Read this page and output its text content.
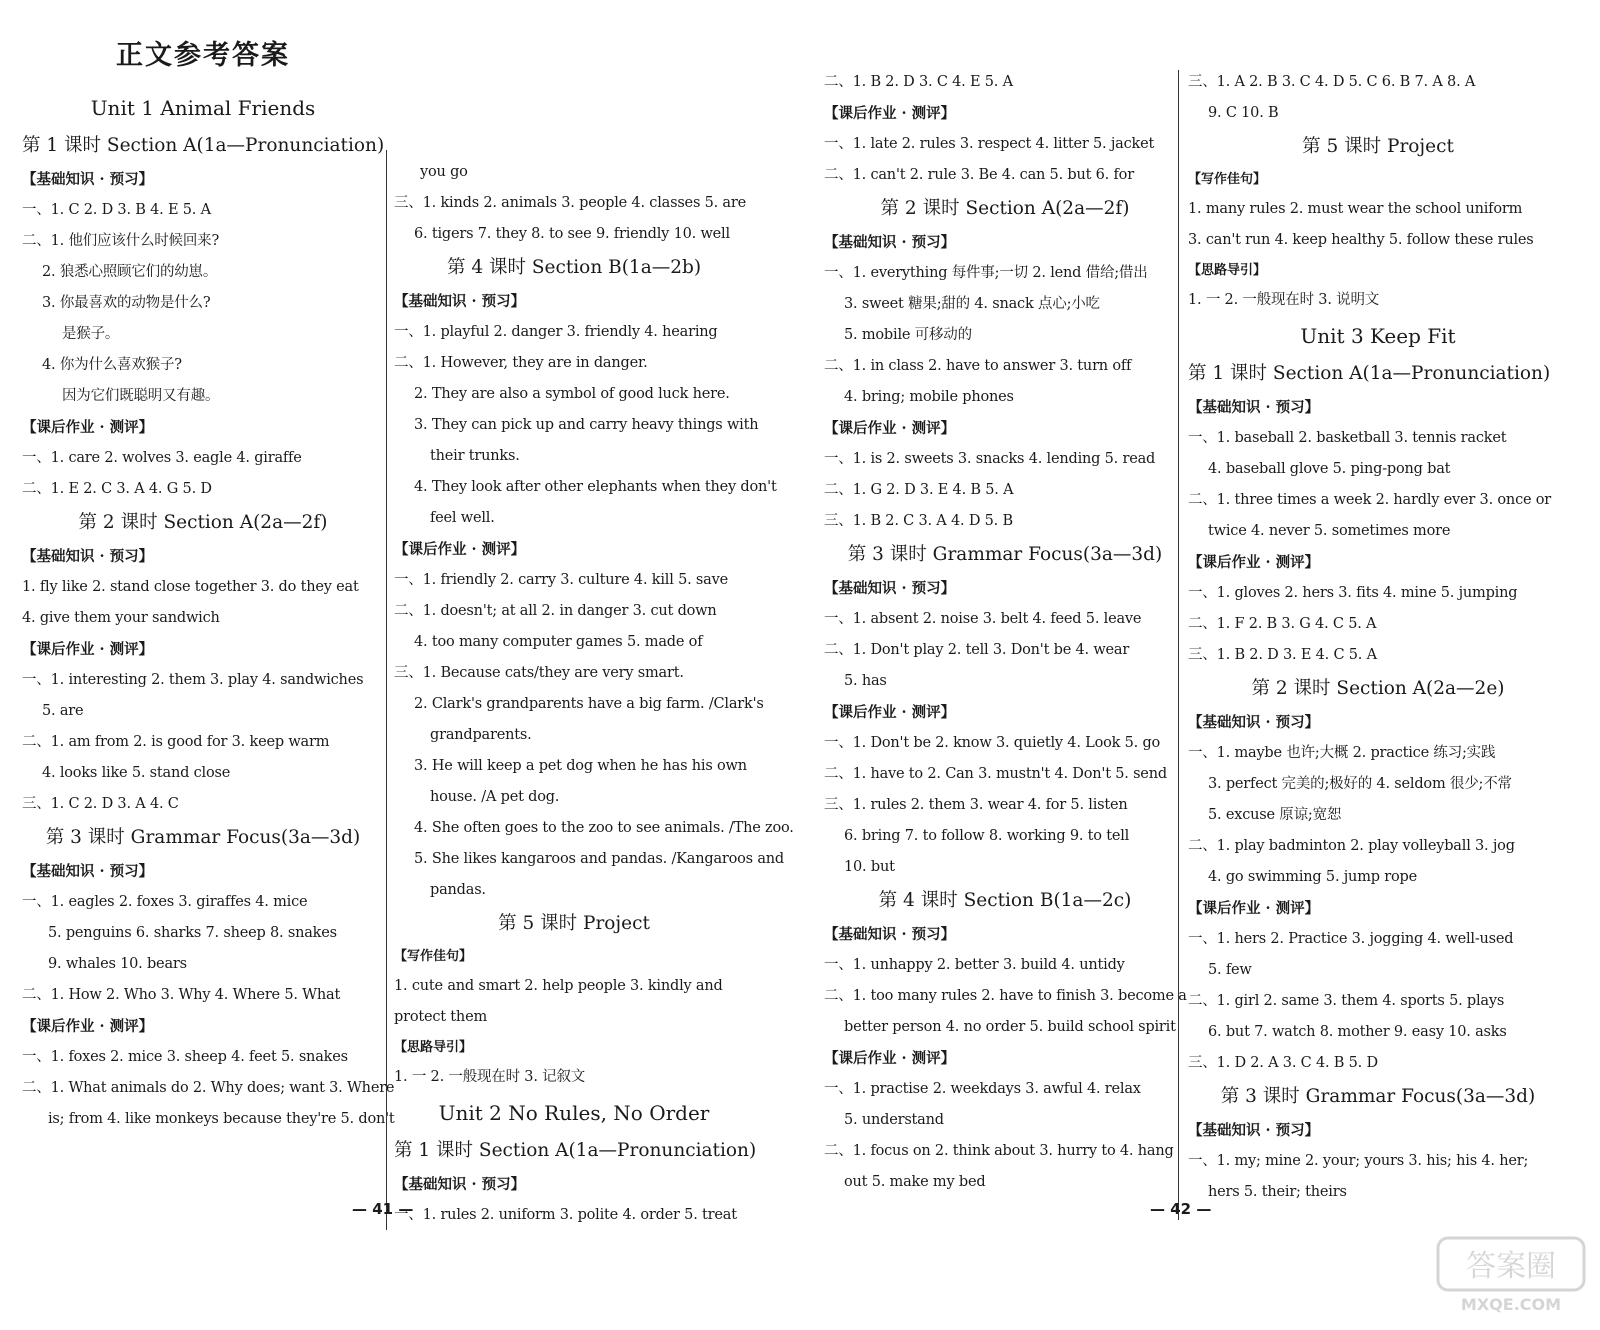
正文参考答案
Unit 1 Animal Friends
第 1 课时 Section A(1a—Pronunciation)
【基础知识 · 预习】
一、1. C 2. D 3. B 4. E 5. A
二、1. 他们应该什么时候回来?
2. 狼悉心照顾它们的幼崽。
3. 你最喜欢的动物是什么?
是猴子。
4. 你为什么喜欢猴子?
因为它们既聪明又有趣。
【课后作业 · 测评】
一、1. care 2. wolves 3. eagle 4. giraffe
二、1. E 2. C 3. A 4. G 5. D
第 2 课时 Section A(2a—2f)
【基础知识 · 预习】
1. fly like 2. stand close together 3. do they eat
4. give them your sandwich
【课后作业 · 测评】
一、1. interesting 2. them 3. play 4. sandwiches
5. are
二、1. am from 2. is good for 3. keep warm
4. looks like 5. stand close
三、1. C 2. D 3. A 4. C
第 3 课时 Grammar Focus(3a—3d)
【基础知识 · 预习】
一、1. eagles 2. foxes 3. giraffes 4. mice
5. penguins 6. sharks 7. sheep 8. snakes
9. whales 10. bears
二、1. How 2. Who 3. Why 4. Where 5. What
【课后作业 · 测评】
一、1. foxes 2. mice 3. sheep 4. feet 5. snakes
二、1. What animals do 2. Why does; want 3. Where
is; from 4. like monkeys because they're 5. don't
you go
三、1. kinds 2. animals 3. people 4. classes 5. are
6. tigers 7. they 8. to see 9. friendly 10. well
第 4 课时 Section B(1a—2b)
【基础知识 · 预习】
一、1. playful 2. danger 3. friendly 4. hearing
二、1. However, they are in danger.
2. They are also a symbol of good luck here.
3. They can pick up and carry heavy things with
their trunks.
4. They look after other elephants when they don't
feel well.
【课后作业 · 测评】
一、1. friendly 2. carry 3. culture 4. kill 5. save
二、1. doesn't; at all 2. in danger 3. cut down
4. too many computer games 5. made of
三、1. Because cats/they are very smart.
2. Clark's grandparents have a big farm. /Clark's
grandparents.
3. He will keep a pet dog when he has his own
house. /A pet dog.
4. She often goes to the zoo to see animals. /The zoo.
5. She likes kangaroos and pandas. /Kangaroos and
pandas.
第 5 课时 Project
【写作佳句】
1. cute and smart 2. help people 3. kindly and
protect them
【思路导引】
1. 一 2. 一般现在时 3. 记叙文
Unit 2 No Rules, No Order
第 1 课时 Section A(1a—Pronunciation)
【基础知识 · 预习】
一、1. rules 2. uniform 3. polite 4. order 5. treat
— 41 —
二、1. B 2. D 3. C 4. E 5. A
【课后作业 · 测评】
一、1. late 2. rules 3. respect 4. litter 5. jacket
二、1. can't 2. rule 3. Be 4. can 5. but 6. for
第 2 课时 Section A(2a—2f)
【基础知识 · 预习】
一、1. everything 每件事;一切 2. lend 借给;借出
3. sweet 糖果;甜的 4. snack 点心;小吃
5. mobile 可移动的
二、1. in class 2. have to answer 3. turn off
4. bring; mobile phones
【课后作业 · 测评】
一、1. is 2. sweets 3. snacks 4. lending 5. read
二、1. G 2. D 3. E 4. B 5. A
三、1. B 2. C 3. A 4. D 5. B
第 3 课时 Grammar Focus(3a—3d)
【基础知识 · 预习】
一、1. absent 2. noise 3. belt 4. feed 5. leave
二、1. Don't play 2. tell 3. Don't be 4. wear
5. has
【课后作业 · 测评】
一、1. Don't be 2. know 3. quietly 4. Look 5. go
二、1. have to 2. Can 3. mustn't 4. Don't 5. send
三、1. rules 2. them 3. wear 4. for 5. listen
6. bring 7. to follow 8. working 9. to tell
10. but
第 4 课时 Section B(1a—2c)
【基础知识 · 预习】
一、1. unhappy 2. better 3. build 4. untidy
二、1. too many rules 2. have to finish 3. become a
better person 4. no order 5. build school spirit
【课后作业 · 测评】
一、1. practise 2. weekdays 3. awful 4. relax
5. understand
二、1. focus on 2. think about 3. hurry to 4. hang
out 5. make my bed
三、1. A 2. B 3. C 4. D 5. C 6. B 7. A 8. A
9. C 10. B
第 5 课时 Project
【写作佳句】
1. many rules 2. must wear the school uniform
3. can't run 4. keep healthy 5. follow these rules
【思路导引】
1. 一 2. 一般现在时 3. 说明文
Unit 3 Keep Fit
第 1 课时 Section A(1a—Pronunciation)
【基础知识 · 预习】
一、1. baseball 2. basketball 3. tennis racket
4. baseball glove 5. ping-pong bat
二、1. three times a week 2. hardly ever 3. once or
twice 4. never 5. sometimes more
【课后作业 · 测评】
一、1. gloves 2. hers 3. fits 4. mine 5. jumping
二、1. F 2. B 3. G 4. C 5. A
三、1. B 2. D 3. E 4. C 5. A
第 2 课时 Section A(2a—2e)
【基础知识 · 预习】
一、1. maybe 也许;大概 2. practice 练习;实践
3. perfect 完美的;极好的 4. seldom 很少;不常
5. excuse 原谅;宽恕
二、1. play badminton 2. play volleyball 3. jog
4. go swimming 5. jump rope
【课后作业 · 测评】
一、1. hers 2. Practice 3. jogging 4. well-used
5. few
二、1. girl 2. same 3. them 4. sports 5. plays
6. but 7. watch 8. mother 9. easy 10. asks
三、1. D 2. A 3. C 4. B 5. D
第 3 课时 Grammar Focus(3a—3d)
【基础知识 · 预习】
一、1. my; mine 2. your; yours 3. his; his 4. her;
hers 5. their; theirs
— 42 —
答案圈
MXQE.COM
